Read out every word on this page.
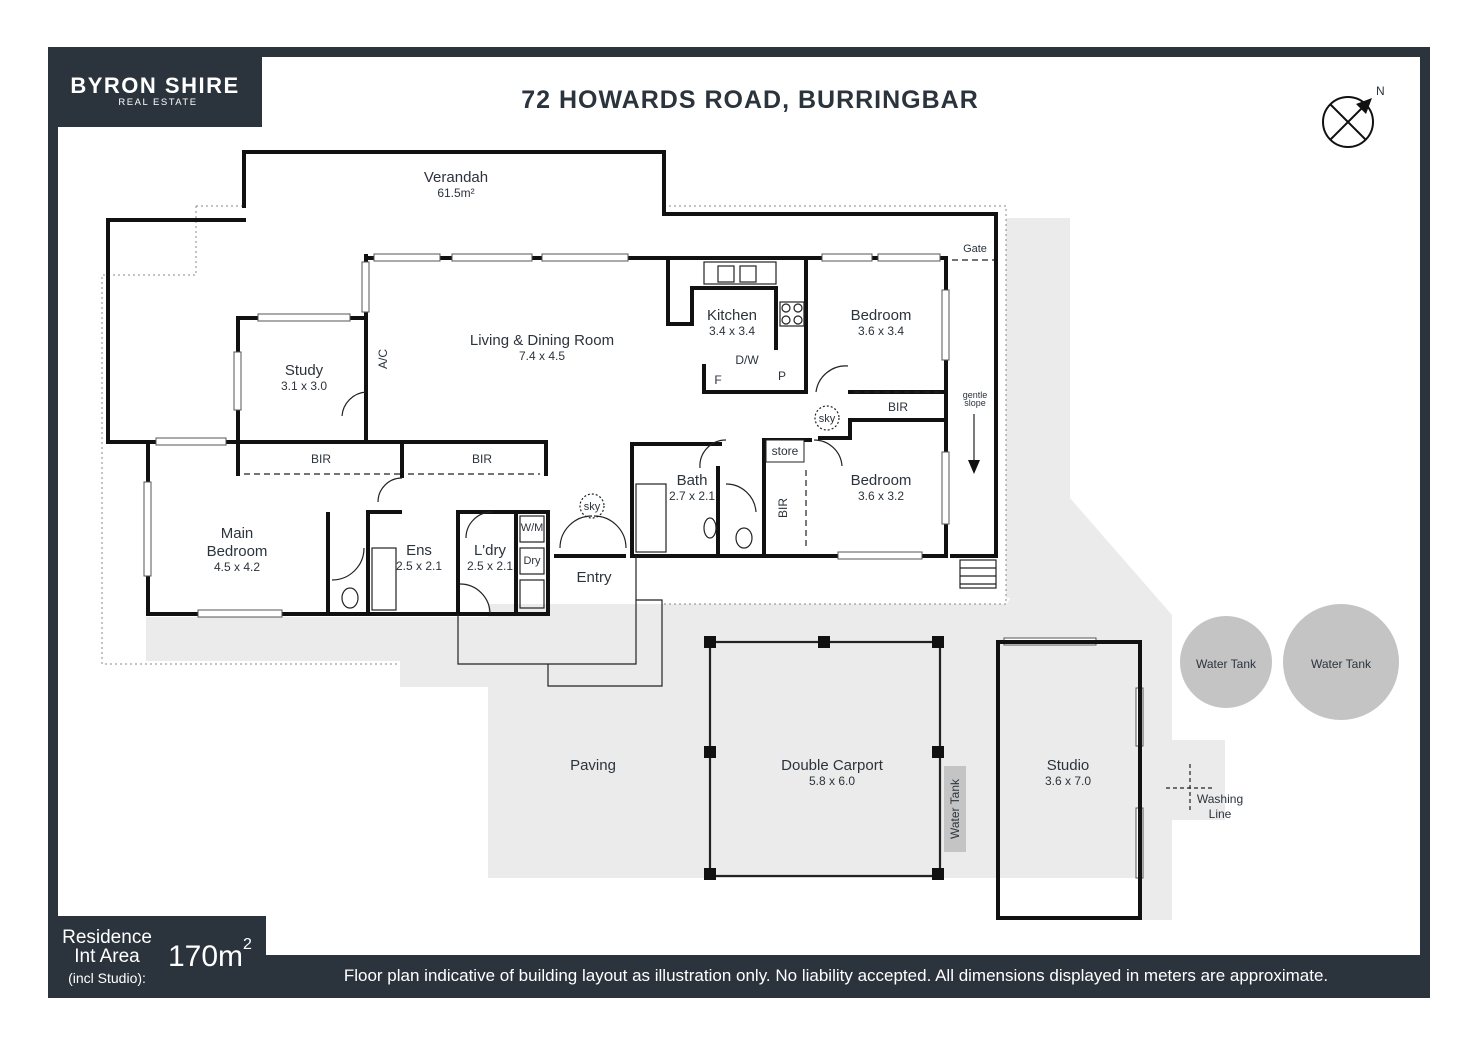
N
Verandah
61.5m²
Living & Dining Room
7.4 x 4.5
Kitchen
3.4 x 3.4
Bedroom
3.6 x 3.4
Bedroom
3.6 x 3.2
Study
3.1 x 3.0
Main
Bedroom
4.5 x 4.2
Ens
2.5 x 2.1
L'dry
2.5 x 2.1
Bath
2.7 x 2.1
Entry
Double Carport
5.8 x 6.0
Studio
3.6 x 7.0
Paving
A/C	D/W
F	P
BIR	BIR
BIR
BIR
store
sky
sky
W/M
Dry
Gate
gentle
slope
Water Tank	Water Tank
Water Tank	Washing
Line
BYRON SHIRE
REAL ESTATE	72 HOWARDS ROAD, BURRINGBAR
Residence
Int Area
(incl Studio):
$170m^2$
Floor plan indicative of building layout as illustration only. No liability accepted. All dimensions displayed in meters are approximate.
